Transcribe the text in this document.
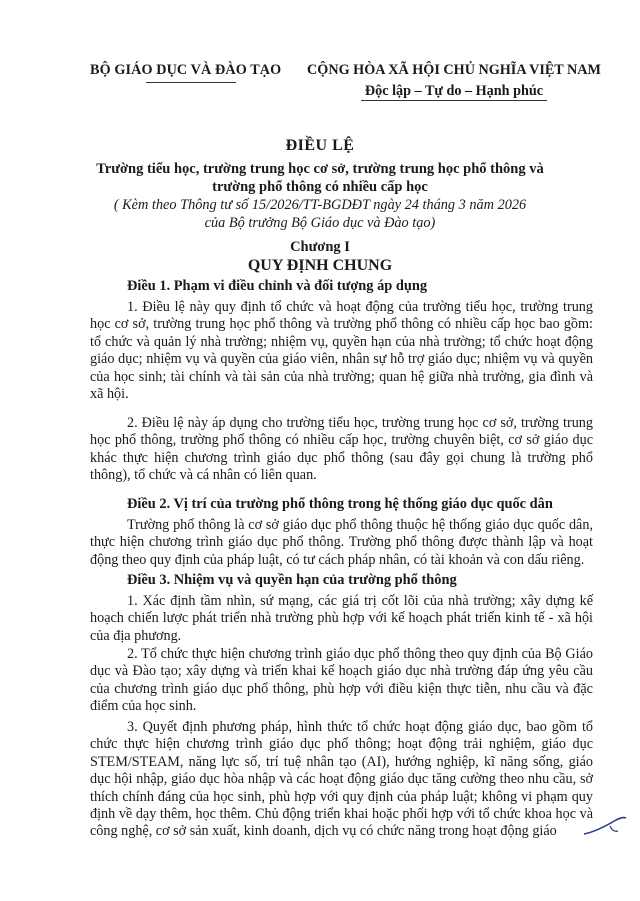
BỘ GIÁO DỤC VÀ ĐÀO TẠO CỘNG HÒA XÃ HỘI CHỦ NGHĨA VIỆT NAM
Độc lập – Tự do – Hạnh phúc
ĐIỀU LỆ
Trường tiểu học, trường trung học cơ sở, trường trung học phổ thông và
trường phổ thông có nhiều cấp học
( Kèm theo Thông tư số 15/2026/TT-BGDĐT ngày 24 tháng 3 năm 2026
của Bộ trưởng Bộ Giáo dục và Đào tạo)
Chương I
QUY ĐỊNH CHUNG
Điều 1. Phạm vi điều chỉnh và đối tượng áp dụng

1. Điều lệ này quy định tổ chức và hoạt động của trường tiểu học, trường trung học cơ sở, trường trung học phổ thông và trường phổ thông có nhiều cấp học bao gồm: tổ chức và quản lý nhà trường; nhiệm vụ, quyền hạn của nhà trường; tổ chức hoạt động giáo dục; nhiệm vụ và quyền của giáo viên, nhân sự hỗ trợ giáo dục; nhiệm vụ và quyền của học sinh; tài chính và tài sản của nhà trường; quan hệ giữa nhà trường, gia đình và xã hội.

2. Điều lệ này áp dụng cho trường tiểu học, trường trung học cơ sở, trường trung học phổ thông, trường phổ thông có nhiều cấp học, trường chuyên biệt, cơ sở giáo dục khác thực hiện chương trình giáo dục phổ thông (sau đây gọi chung là trường phổ thông), tổ chức và cá nhân có liên quan.

Điều 2. Vị trí của trường phổ thông trong hệ thống giáo dục quốc dân

Trường phổ thông là cơ sở giáo dục phổ thông thuộc hệ thống giáo dục quốc dân, thực hiện chương trình giáo dục phổ thông. Trường phổ thông được thành lập và hoạt động theo quy định của pháp luật, có tư cách pháp nhân, có tài khoản và con dấu riêng.

Điều 3. Nhiệm vụ và quyền hạn của trường phổ thông

1. Xác định tầm nhìn, sứ mạng, các giá trị cốt lõi của nhà trường; xây dựng kế hoạch chiến lược phát triển nhà trường phù hợp với kế hoạch phát triển kinh tế - xã hội của địa phương.

2. Tổ chức thực hiện chương trình giáo dục phổ thông theo quy định của Bộ Giáo dục và Đào tạo; xây dựng và triển khai kế hoạch giáo dục nhà trường đáp ứng yêu cầu của chương trình giáo dục phổ thông, phù hợp với điều kiện thực tiễn, nhu cầu và đặc điểm của học sinh.

3. Quyết định phương pháp, hình thức tổ chức hoạt động giáo dục, bao gồm tổ chức thực hiện chương trình giáo dục phổ thông; hoạt động trải nghiệm, giáo dục STEM/STEAM, năng lực số, trí tuệ nhân tạo (AI), hướng nghiệp, kĩ năng sống, giáo dục hội nhập, giáo dục hòa nhập và các hoạt động giáo dục tăng cường theo nhu cầu, sở thích chính đáng của học sinh, phù hợp với quy định của pháp luật; không vi phạm quy định về dạy thêm, học thêm. Chủ động triển khai hoặc phối hợp với tổ chức khoa học và công nghệ, cơ sở sản xuất, kinh doanh, dịch vụ có chức năng trong hoạt động giáo
